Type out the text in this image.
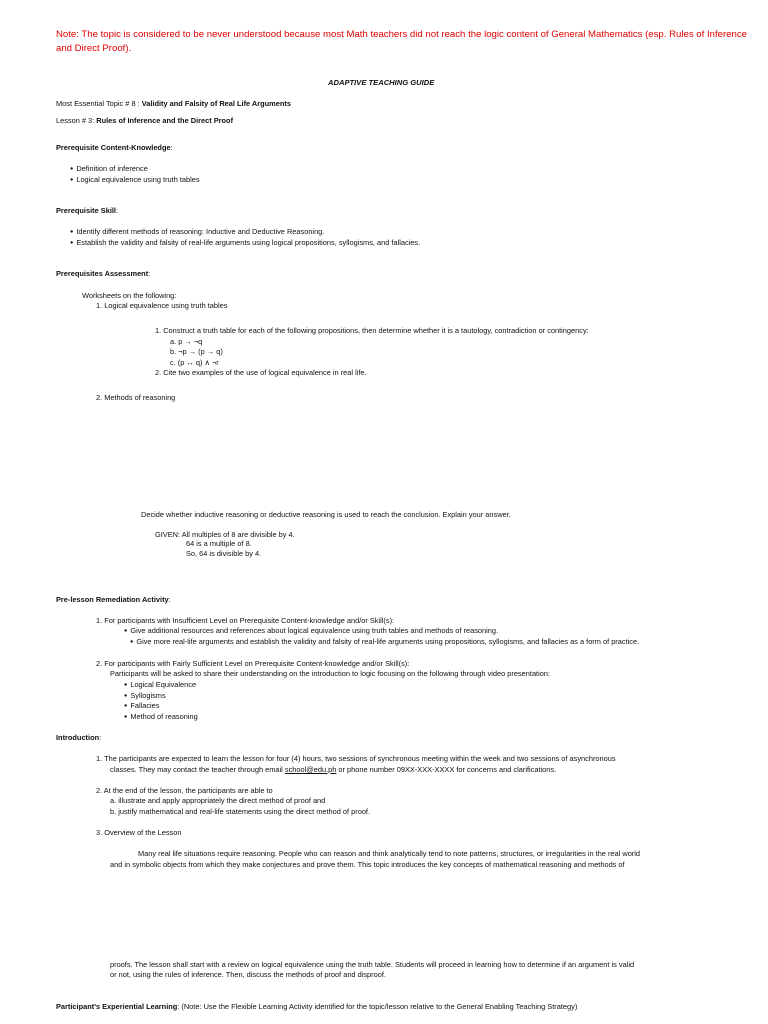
Note: The topic is considered to be never understood because most Math teachers did not reach the logic content of General Mathematics (esp. Rules of Inference and Direct Proof).
ADAPTIVE TEACHING GUIDE
Most Essential Topic # 8 : Validity and Falsity of Real Life Arguments
Lesson # 3: Rules of Inference and the Direct Proof
Prerequisite Content-Knowledge:
● Definition of inference
● Logical equivalence using truth tables
Prerequisite Skill:
● Identify different methods of reasoning: Inductive and Deductive Reasoning.
● Establish the validity and falsity of real-life arguments using logical propositions, syllogisms, and fallacies.
Prerequisites Assessment:
Worksheets on the following:
1. Logical equivalence using truth tables
1. Construct a truth table for each of the following propositions, then determine whether it is a tautology, contradiction or contingency:
a. p → ¬q
b. ¬p → (p → q)
c. (p ↔ q) ∧ ¬r
2. Cite two examples of the use of logical equivalence in real life.
2. Methods of reasoning
Decide whether inductive reasoning or deductive reasoning is used to reach the conclusion. Explain your answer.
GIVEN: All multiples of 8 are divisible by 4.
64 is a multiple of 8.
So, 64 is divisible by 4.
Pre-lesson Remediation Activity:
1. For participants with Insufficient Level on Prerequisite Content-knowledge and/or Skill(s):
● Give additional resources and references about logical equivalence using truth tables and methods of reasoning.
● Give more real-life arguments and establish the validity and falsity of real-life arguments using propositions, syllogisms, and fallacies as a form of practice.
2. For participants with Fairly Sufficient Level on Prerequisite Content-knowledge and/or Skill(s):
Participants will be asked to share their understanding on the introduction to logic focusing on the following through video presentation:
● Logical Equivalence
● Syllogisms
● Fallacies
● Method of reasoning
Introduction:
1. The participants are expected to learn the lesson for four (4) hours, two sessions of synchronous meeting within the week and two sessions of asynchronous
classes. They may contact the teacher through email school@edu.ph or phone number 09XX-XXX-XXXX for concerns and clarifications.
2. At the end of the lesson, the participants are able to
a. illustrate and apply appropriately the direct method of proof and
b. justify mathematical and real-life statements using the direct method of proof.
3. Overview of the Lesson
Many real life situations require reasoning. People who can reason and think analytically tend to note patterns, structures, or irregularities in the real world
and in symbolic objects from which they make conjectures and prove them. This topic introduces the key concepts of mathematical reasoning and methods of
proofs. The lesson shall start with a review on logical equivalence using the truth table. Students will proceed in learning how to determine if an argument is valid
or not, using the rules of inference. Then, discuss the methods of proof and disproof.
Participant's Experiential Learning: (Note: Use the Flexible Learning Activity identified for the topic/lesson relative to the General Enabling Teaching Strategy)
